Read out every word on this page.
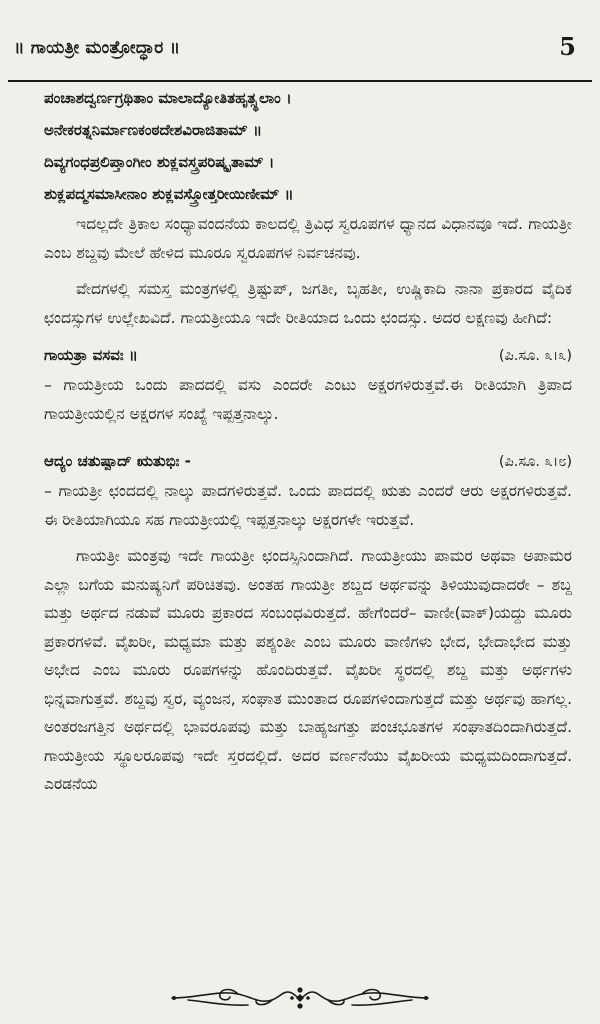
॥ ಗಾಯತ್ರೀ ಮಂತ್ರೋದ್ಧಾರ ॥	5

ಪಂಚಾಶದ್ವರ್ಣಗ್ರಥಿತಾಂ ಮಾಲಾದ್ಯೋತಿತಹೃತ್ಸ್ಥಲಾಂ ।

ಅನೇಕರತ್ನನಿರ್ಮಾಣಕಂಠದೇಶವಿರಾಜಿತಾಮ್ ॥

ದಿವ್ಯಗಂಧಪ್ರಲಿಪ್ತಾಂಗೀಂ ಶುಕ್ಲವಸ್ತ್ರಪರಿಷ್ಕೃತಾಮ್ ।

ಶುಕ್ಲಪದ್ಮಸಮಾಸೀನಾಂ ಶುಕ್ಲವಸ್ತ್ರೋತ್ತರೀಯಿಣೀಮ್ ॥

ಇದಲ್ಲದೇ ತ್ರಿಕಾಲ ಸಂಧ್ಯಾವಂದನೆಯ ಕಾಲದಲ್ಲಿ ತ್ರಿವಿಧ ಸ್ವರೂಪಗಳ ಧ್ಯಾನದ ವಿಧಾನವೂ ಇದೆ. ಗಾಯತ್ರೀ ಎಂಬ ಶಬ್ದವು ಮೇಲೆ ಹೇಳಿದ ಮೂರೂ ಸ್ವರೂಪಗಳ ನಿರ್ವಚನವು.

ವೇದಗಳಲ್ಲಿ ಸಮಸ್ತ ಮಂತ್ರಗಳಲ್ಲಿ ತ್ರಿಷ್ಟುಪ್, ಜಗತೀ, ಬೃಹತೀ, ಉಷ್ಣಿಕಾದಿ ನಾನಾ ಪ್ರಕಾರದ ವೈದಿಕ ಛಂದಸ್ಸುಗಳ ಉಲ್ಲೇಖವಿದೆ. ಗಾಯತ್ರೀಯೂ ಇದೇ ರೀತಿಯಾದ ಒಂದು ಛಂದಸ್ಸು. ಅದರ ಲಕ್ಷಣವು ಹೀಗಿದೆ:

ಗಾಯತ್ರಾ ವಸವಃ ॥	(ಪಿ.ಸೂ. ೩।೩)

– ಗಾಯತ್ರೀಯ ಒಂದು ಪಾದದಲ್ಲಿ ವಸು ಎಂದರೇ ಎಂಟು ಅಕ್ಷರಗಳಿರುತ್ತವೆ.ಈ ರೀತಿಯಾಗಿ ತ್ರಿಪಾದ ಗಾಯತ್ರೀಯಲ್ಲಿನ ಅಕ್ಷರಗಳ ಸಂಖ್ಯೆ ಇಪ್ಪತ್ತನಾಲ್ಕು.

ಆದ್ಯಂ ಚತುಷ್ಪಾದ್ ಋತುಭಿಃ -	(ಪಿ.ಸೂ. ೩।೮)

– ಗಾಯತ್ರೀ ಛಂದದಲ್ಲಿ ನಾಲ್ಕು ಪಾದಗಳಿರುತ್ತವೆ. ಒಂದು ಪಾದದಲ್ಲಿ ಋತು ಎಂದರೆ ಆರು ಅಕ್ಷರಗಳಿರುತ್ತವೆ. ಈ ರೀತಿಯಾಗಿಯೂ ಸಹ ಗಾಯತ್ರೀಯಲ್ಲಿ ಇಪ್ಪತ್ತನಾಲ್ಕು ಅಕ್ಷರಗಳೇ ಇರುತ್ತವೆ.

ಗಾಯತ್ರೀ ಮಂತ್ರವು ಇದೇ ಗಾಯತ್ರೀ ಛಂದಸ್ಸಿನಿಂದಾಗಿದೆ. ಗಾಯತ್ರೀಯು ಪಾಮರ ಅಥವಾ ಅಪಾಮರ ಎಲ್ಲಾ ಬಗೆಯ ಮನುಷ್ಯನಿಗೆ ಪರಿಚಿತವು. ಅಂತಹ ಗಾಯತ್ರೀ ಶಬ್ದದ ಅರ್ಥವನ್ನು ತಿಳಿಯುವುದಾದರೇ – ಶಬ್ದ ಮತ್ತು ಅರ್ಥದ ನಡುವೆ ಮೂರು ಪ್ರಕಾರದ ಸಂಬಂಧವಿರುತ್ತದೆ. ಹೇಗೆಂದರೆ– ವಾಣೀ(ವಾಕ್)ಯದ್ದು ಮೂರು ಪ್ರಕಾರಗಳಿವೆ. ವೈಖರೀ, ಮಧ್ಯಮಾ ಮತ್ತು ಪಶ್ಯಂತೀ ಎಂಬ ಮೂರು ವಾಣಿಗಳು ಭೇದ, ಭೇದಾಭೇದ ಮತ್ತು ಅಭೇದ ಎಂಬ ಮೂರು ರೂಪಗಳನ್ನು ಹೊಂದಿರುತ್ತವೆ. ವೈಖರೀ ಸ್ಥರದಲ್ಲಿ ಶಬ್ದ ಮತ್ತು ಅರ್ಥಗಳು ಭಿನ್ನವಾಗುತ್ತವೆ. ಶಬ್ದವು ಸ್ವರ, ವ್ಯಂಜನ, ಸಂಘಾತ ಮುಂತಾದ ರೂಪಗಳಿಂದಾಗುತ್ತದೆ ಮತ್ತು ಅರ್ಥವು ಹಾಗಲ್ಲ. ಅಂತರಜಗತ್ತಿನ ಅರ್ಥದಲ್ಲಿ ಭಾವರೂಪವು ಮತ್ತು ಬಾಹ್ಯಜಗತ್ತು ಪಂಚಭೂತಗಳ ಸಂಘಾತದಿಂದಾಗಿರುತ್ತದೆ. ಗಾಯತ್ರೀಯ ಸ್ಥೂಲರೂಪವು ಇದೇ ಸ್ತರದಲ್ಲಿದೆ. ಅದರ ವರ್ಣನೆಯು ವೈಖರೀಯ ಮಧ್ಯಮದಿಂದಾಗುತ್ತದೆ. ಎರಡನೆಯ
